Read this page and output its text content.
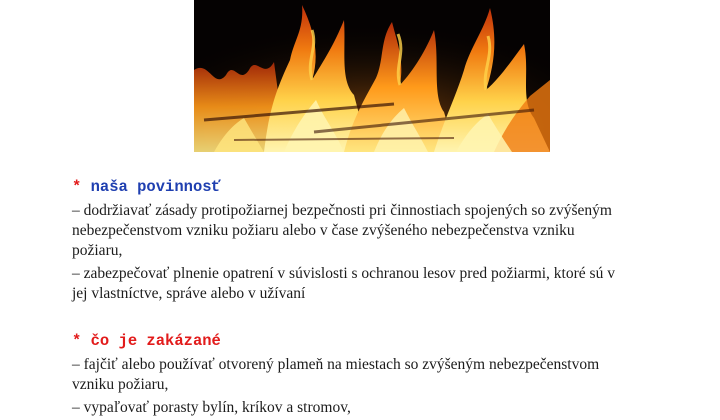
* naša povinnosť
– dodržiavať zásady protipožiarnej bezpečnosti pri činnostiach spojených so zvýšeným
nebezpečenstvom vzniku požiaru alebo v čase zvýšeného nebezpečenstva vzniku
požiaru,
– zabezpečovať plnenie opatrení v súvislosti s ochranou lesov pred požiarmi, ktoré sú v
jej vlastníctve, správe alebo v užívaní
* čo je zakázané
– fajčiť alebo používať otvorený plameň na miestach so zvýšeným nebezpečenstvom
vzniku požiaru,
– vypaľovať porasty bylín, kríkov a stromov,
